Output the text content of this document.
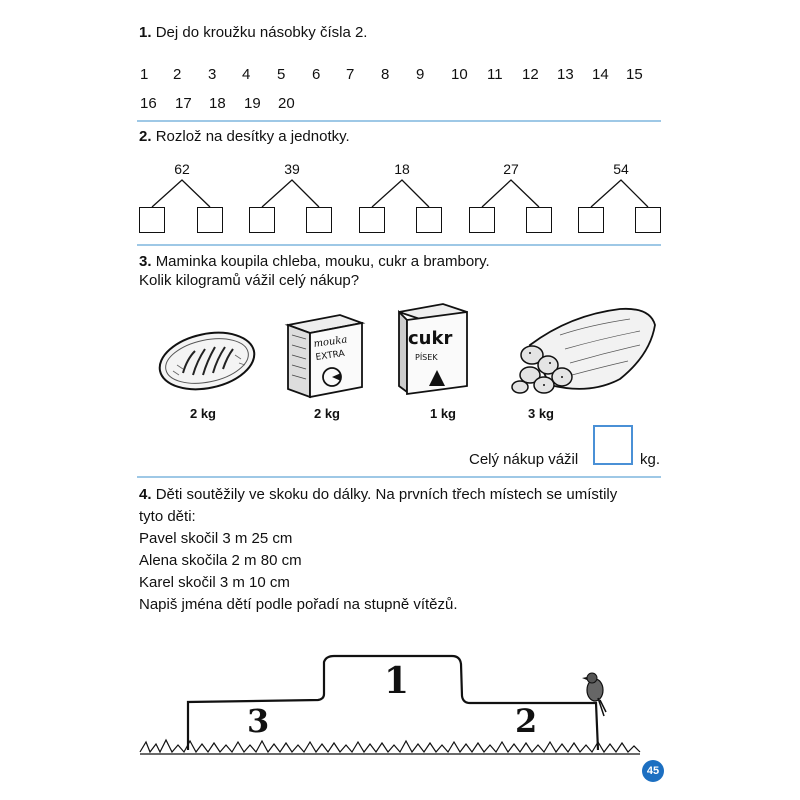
1. Dej do kroužku násobky čísla 2.
1 2 3 4 5 6 7 8 9 10 11 12 13 14 15
16 17 18 19 20
2. Rozlož na desítky a jednotky.
62	39	18	27	54
3. Maminka koupila chleba, mouku, cukr a brambory.
Kolik kilogramů vážil celý nákup?
mouka
EXTRA
cukr
PÍSEK
2 kg	2 kg	1 kg	3 kg
Celý nákup vážil	kg.
4. Děti soutěžily ve skoku do dálky. Na prvních třech místech se umístily
tyto děti:
Pavel skočil 3 m 25 cm
Alena skočila 2 m 80 cm
Karel skočil 3 m 10 cm
Napiš jména dětí podle pořadí na stupně vítězů.
1
2
3
45
